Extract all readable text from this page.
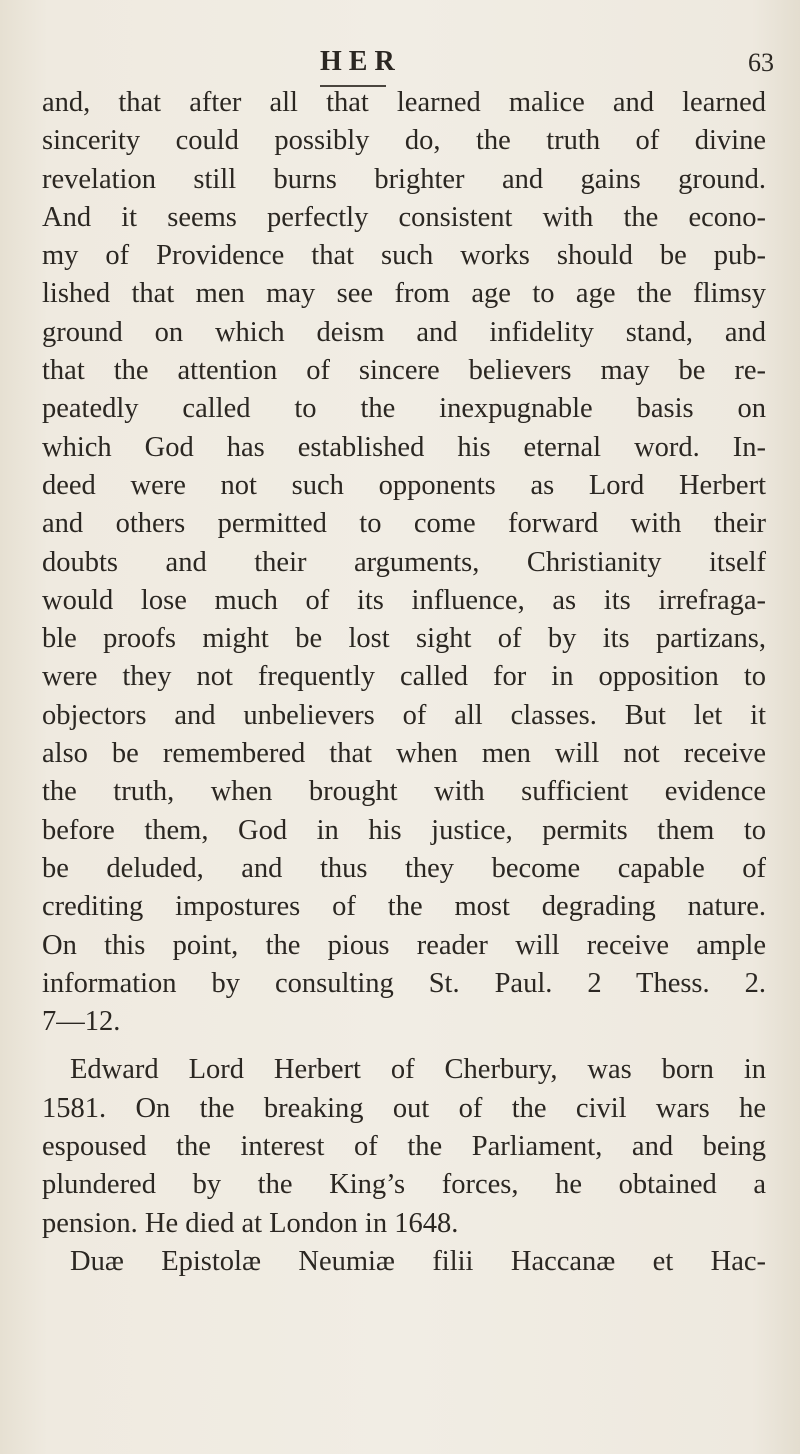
HER	63

and, that after all that learned malice and learned
sincerity could possibly do, the truth of divine
revelation still burns brighter and gains ground.
And it seems perfectly consistent with the econo-
my of Providence that such works should be pub-
lished that men may see from age to age the flimsy
ground on which deism and infidelity stand, and
that the attention of sincere believers may be re-
peatedly called to the inexpugnable basis on
which God has established his eternal word. In-
deed were not such opponents as Lord Herbert
and others permitted to come forward with their
doubts and their arguments, Christianity itself
would lose much of its influence, as its irrefraga-
ble proofs might be lost sight of by its partizans,
were they not frequently called for in opposition to
objectors and unbelievers of all classes. But let it
also be remembered that when men will not receive
the truth, when brought with sufficient evidence
before them, God in his justice, permits them to
be deluded, and thus they become capable of
crediting impostures of the most degrading nature.
On this point, the pious reader will receive ample
information by consulting St. Paul. 2 Thess. 2.
7—12.

Edward Lord Herbert of Cherbury, was born in
1581. On the breaking out of the civil wars he
espoused the interest of the Parliament, and being
plundered by the King’s forces, he obtained a
pension. He died at London in 1648.

Duæ Epistolæ Neumiæ filii Haccanæ et Hac-
